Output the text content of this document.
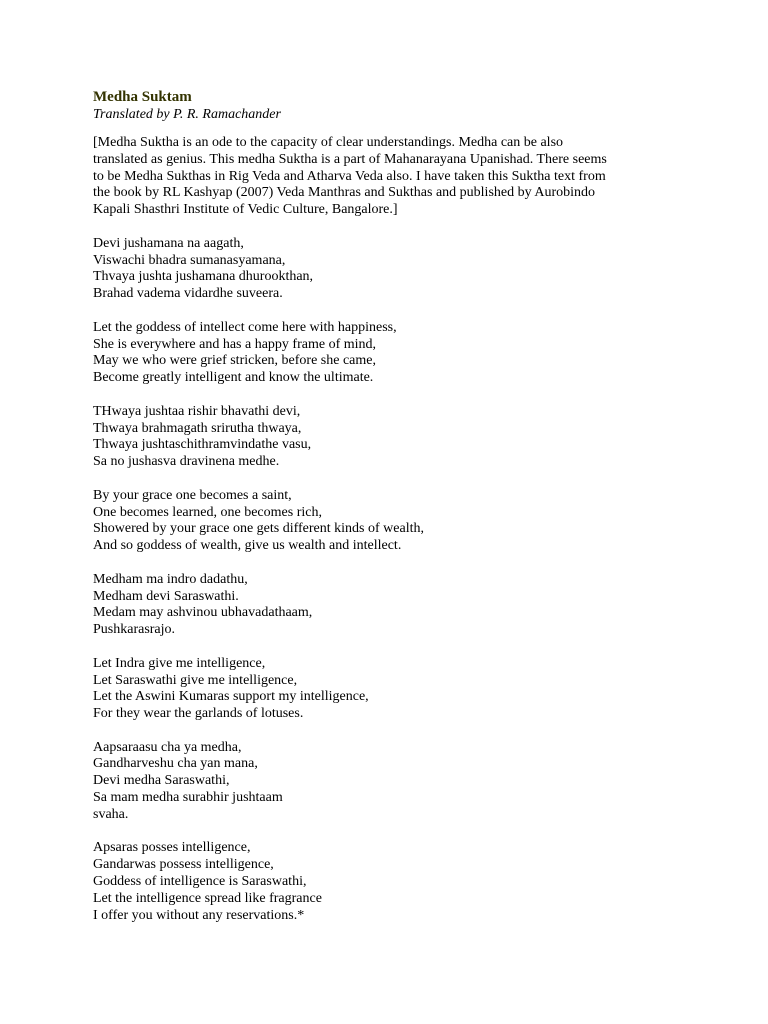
Medha Suktam
Translated by P. R. Ramachander
[Medha Suktha is an ode to the capacity of clear understandings. Medha can be also
translated as genius. This medha Suktha is a part of Mahanarayana Upanishad. There seems
to be Medha Sukthas in Rig Veda and Atharva Veda also. I have taken this Suktha text from
the book by RL Kashyap (2007) Veda Manthras and Sukthas and published by Aurobindo
Kapali Shasthri Institute of Vedic Culture, Bangalore.]
Devi jushamana na aagath,
Viswachi bhadra sumanasyamana,
Thvaya jushta jushamana dhurookthan,
Brahad vadema vidardhe suveera.
Let the goddess of intellect come here with happiness,
She is everywhere and has a happy frame of mind,
May we who were grief stricken, before she came,
Become greatly intelligent and know the ultimate.
THwaya jushtaa rishir bhavathi devi,
Thwaya brahmagath srirutha thwaya,
Thwaya jushtaschithramvindathe vasu,
Sa no jushasva dravinena medhe.
By your grace one becomes a saint,
One becomes learned, one becomes rich,
Showered by your grace one gets different kinds of wealth,
And so goddess of wealth, give us wealth and intellect.
Medham ma indro dadathu,
Medham devi Saraswathi.
Medam may ashvinou ubhavadathaam,
Pushkarasrajo.
Let Indra give me intelligence,
Let Saraswathi give me intelligence,
Let the Aswini Kumaras support my intelligence,
For they wear the garlands of lotuses.
Aapsaraasu cha ya medha,
Gandharveshu cha yan mana,
Devi medha Saraswathi,
Sa mam medha surabhir jushtaam
svaha.
Apsaras posses intelligence,
Gandarwas possess intelligence,
Goddess of intelligence is Saraswathi,
Let the intelligence spread like fragrance
I offer you without any reservations.*
